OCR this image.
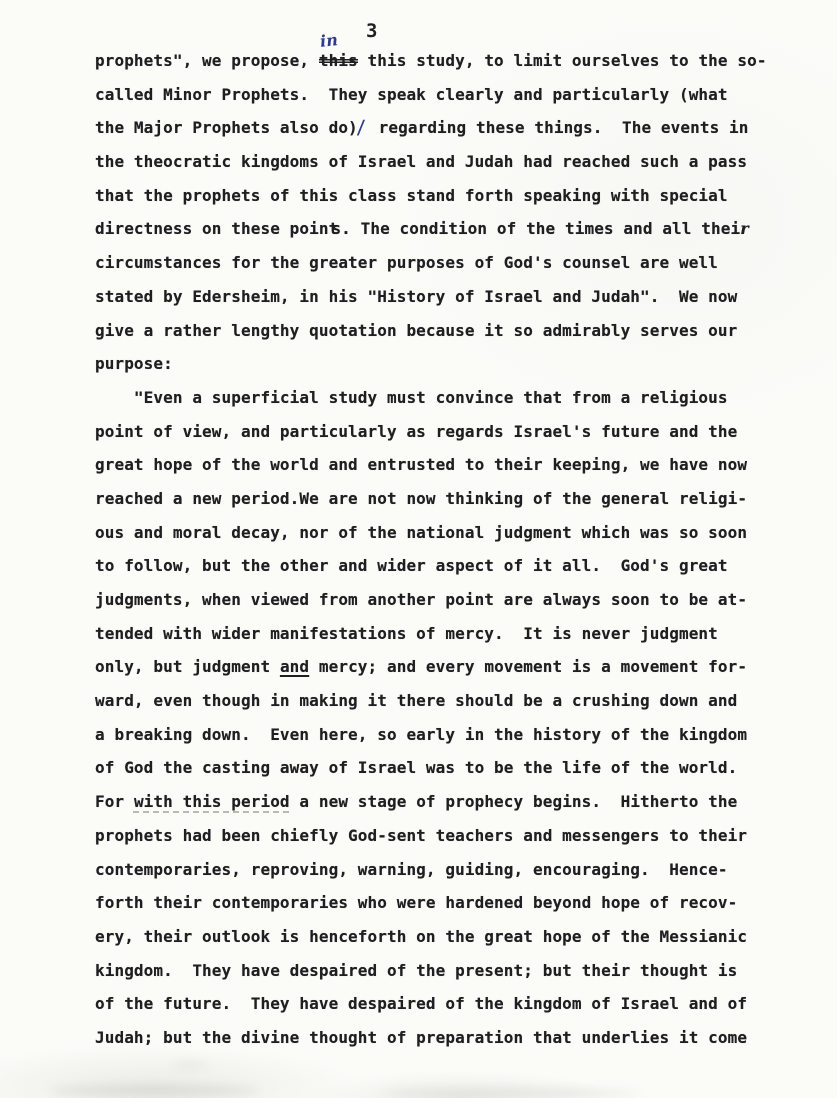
3
prophets", we propose, this
in
this study, to limit ourselves to the so-
called Minor Prophets.  They speak clearly and particularly (what
the Major Prophets also do)/ regarding these things.  The events in
the theocratic kingdoms of Israel and Judah had reached such a pass
that the prophets of this class stand forth speaking with special
directness on these points . The condition of the times and all their
circumstances for the greater purposes of God's counsel are well
stated by Edersheim, in his "History of Israel and Judah".  We now
give a rather lengthy quotation because it so admirably serves our
purpose:
"Even a superficial study must convince that from a religious
point of view, and particularly as regards Israel's future and the
great hope of the world and entrusted to their keeping, we have now
reached a new period.We are not now thinking of the general religi-
ous and moral decay, nor of the national judgment which was so soon
to follow, but the other and wider aspect of it all.  God's great
judgments, when viewed from another point are always soon to be at-
tended with wider manifestations of mercy.  It is never judgment
only, but judgment and mercy; and every movement is a movement for-
ward, even though in making it there should be a crushing down and
a breaking down.  Even here, so early in the history of the kingdom
of God the casting away of Israel was to be the life of the world.
For with this period a new stage of prophecy begins.  Hitherto the
prophets had been chiefly God-sent teachers and messengers to their
contemporaries, reproving, warning, guiding, encouraging.  Hence-
forth their contemporaries who were hardened beyond hope of recov-
ery, their outlook is henceforth on the great hope of the Messianic
kingdom.  They have despaired of the present; but their thought is
of the future.  They have despaired of the kingdom of Israel and of
Judah; but the divine thought of preparation that underlies it come
